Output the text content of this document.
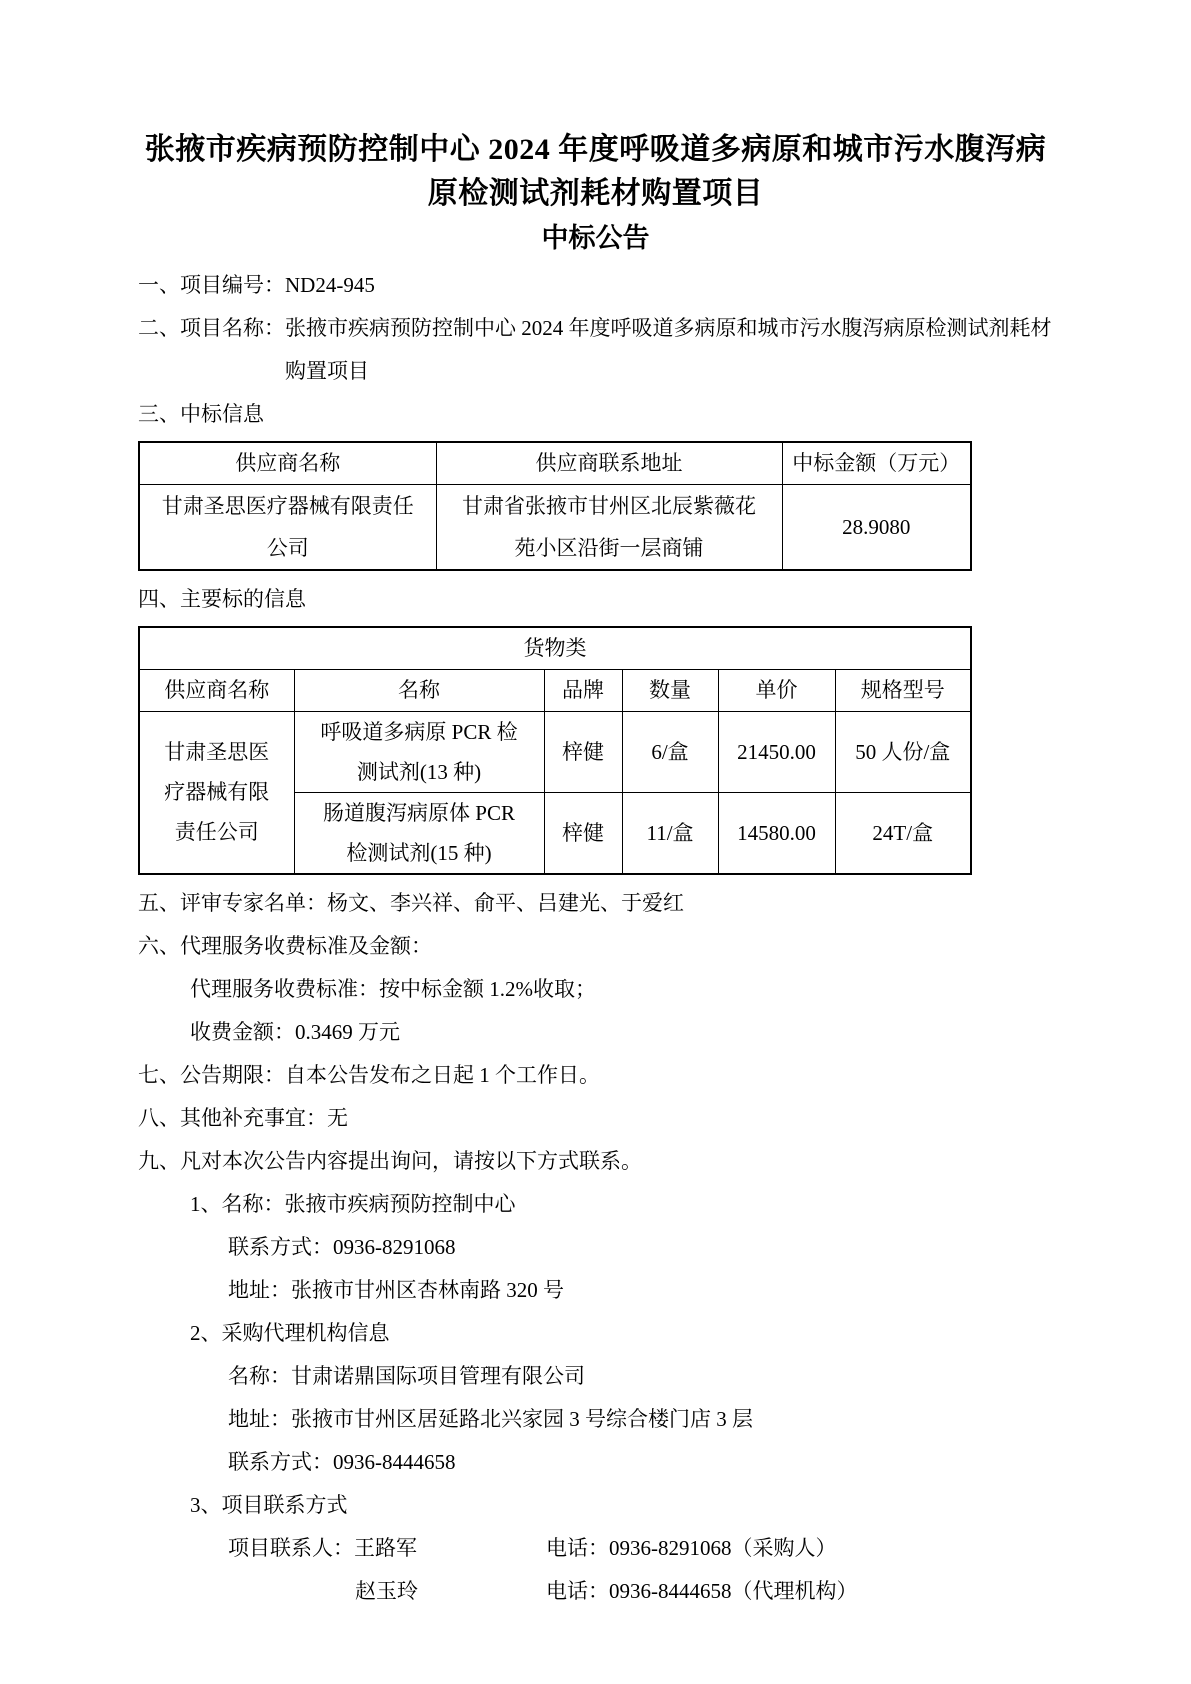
张掖市疾病预防控制中心 2024 年度呼吸道多病原和城市污水腹泻病原检测试剂耗材购置项目
中标公告

一、项目编号： ND24-945

二、项目名称： 张掖市疾病预防控制中心 2024 年度呼吸道多病原和城市污水腹泻病原检测试剂耗材购置项目

三、中标信息

供应商名称	供应商联系地址	中标金额（万元）
甘肃圣思医疗器械有限责任公司	甘肃省张掖市甘州区北辰紫薇花苑小区沿街一层商铺	28.9080

四、主要标的信息

货物类					
供应商名称	名称	品牌	数量	单价	规格型号
甘肃圣思医疗器械有限责任公司	呼吸道多病原 PCR 检测试剂(13 种)	梓健	6/盒	21450.00	50 人份/盒
	肠道腹泻病原体 PCR 检测试剂(15 种)	梓健	11/盒	14580.00	24T/盒

五、评审专家名单：杨文、李兴祥、俞平、吕建光、于爱红

六、代理服务收费标准及金额：

代理服务收费标准：按中标金额 1.2%收取；

收费金额：0.3469 万元

七、公告期限：自本公告发布之日起 1 个工作日。

八、其他补充事宜：无

九、凡对本次公告内容提出询问，请按以下方式联系。

1、名称：张掖市疾病预防控制中心

联系方式：0936-8291068

地址：张掖市甘州区杏林南路 320 号

2、采购代理机构信息

名称：甘肃诺鼎国际项目管理有限公司

地址：张掖市甘州区居延路北兴家园 3 号综合楼门店 3 层

联系方式：0936-8444658

3、项目联系方式

项目联系人：王路军	电话：0936-8291068（采购人）

赵玉玲	电话：0936-8444658（代理机构）
